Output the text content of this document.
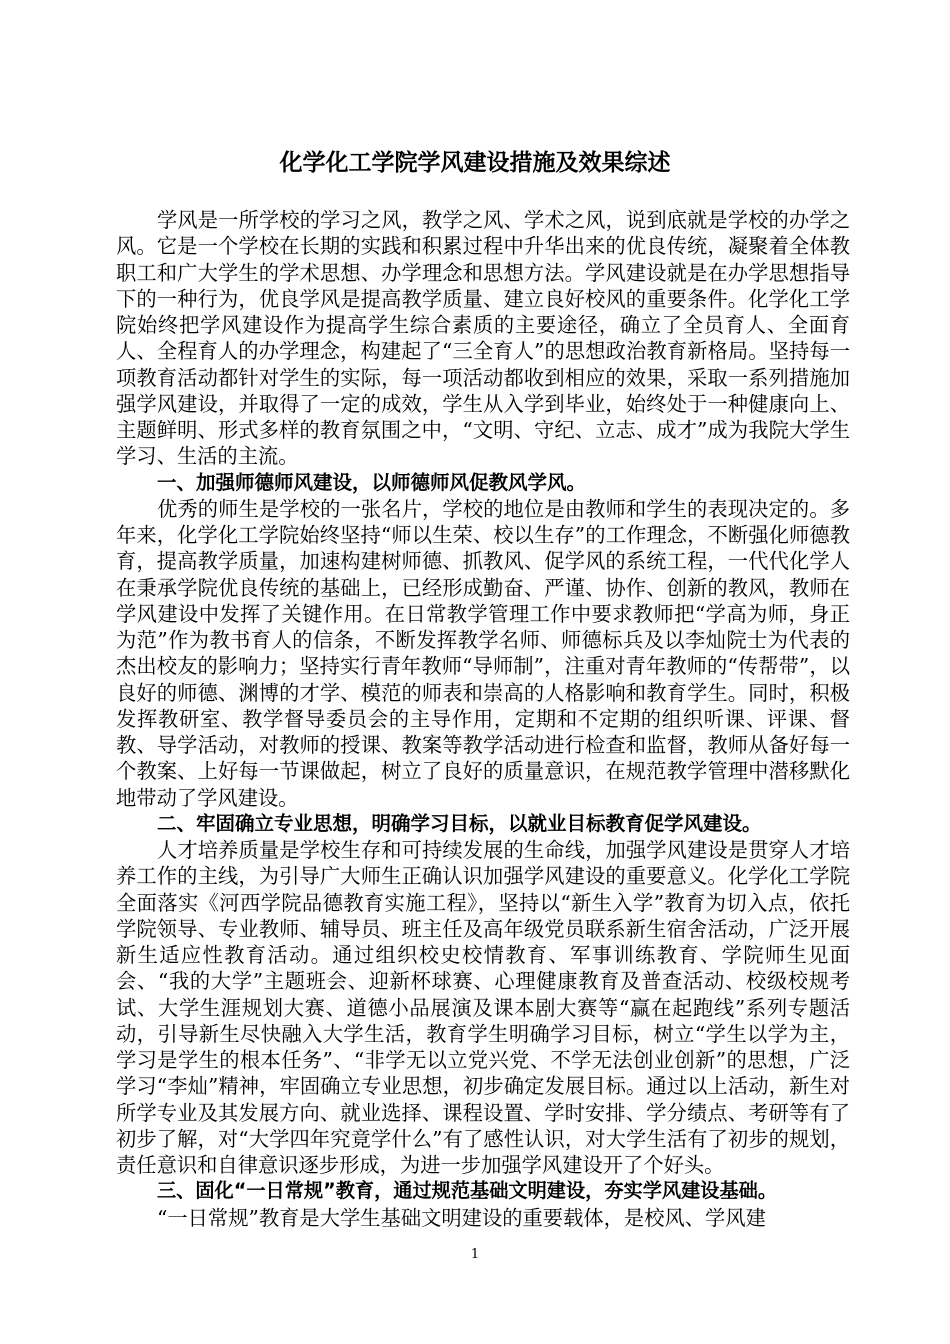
化学化工学院学风建设措施及效果综述

学风是一所学校的学习之风，教学之风、学术之风，说到底就是学校的办学之风。它是一个学校在长期的实践和积累过程中升华出来的优良传统，凝聚着全体教职工和广大学生的学术思想、办学理念和思想方法。学风建设就是在办学思想指导下的一种行为，优良学风是提高教学质量、建立良好校风的重要条件。化学化工学院始终把学风建设作为提高学生综合素质的主要途径，确立了全员育人、全面育人、全程育人的办学理念，构建起了“三全育人”的思想政治教育新格局。坚持每一项教育活动都针对学生的实际，每一项活动都收到相应的效果，采取一系列措施加强学风建设，并取得了一定的成效，学生从入学到毕业，始终处于一种健康向上、主题鲜明、形式多样的教育氛围之中，“文明、守纪、立志、成才”成为我院大学生学习、生活的主流。

一、加强师德师风建设，以师德师风促教风学风。

优秀的师生是学校的一张名片，学校的地位是由教师和学生的表现决定的。多年来，化学化工学院始终坚持“师以生荣、校以生存”的工作理念，不断强化师德教育，提高教学质量，加速构建树师德、抓教风、促学风的系统工程，一代代化学人在秉承学院优良传统的基础上，已经形成勤奋、严谨、协作、创新的教风，教师在学风建设中发挥了关键作用。在日常教学管理工作中要求教师把“学高为师，身正为范”作为教书育人的信条，不断发挥教学名师、师德标兵及以李灿院士为代表的杰出校友的影响力；坚持实行青年教师“导师制”，注重对青年教师的“传帮带”，以良好的师德、渊博的才学、模范的师表和崇高的人格影响和教育学生。同时，积极发挥教研室、教学督导委员会的主导作用，定期和不定期的组织听课、评课、督教、导学活动，对教师的授课、教案等教学活动进行检查和监督，教师从备好每一个教案、上好每一节课做起，树立了良好的质量意识，在规范教学管理中潜移默化地带动了学风建设。

二、牢固确立专业思想，明确学习目标，以就业目标教育促学风建设。

人才培养质量是学校生存和可持续发展的生命线，加强学风建设是贯穿人才培养工作的主线，为引导广大师生正确认识加强学风建设的重要意义。化学化工学院全面落实《河西学院品德教育实施工程》，坚持以“新生入学”教育为切入点，依托学院领导、专业教师、辅导员、班主任及高年级党员联系新生宿舍活动，广泛开展新生适应性教育活动。通过组织校史校情教育、军事训练教育、学院师生见面会、“我的大学”主题班会、迎新杯球赛、心理健康教育及普查活动、校级校规考试、大学生涯规划大赛、道德小品展演及课本剧大赛等“赢在起跑线”系列专题活动，引导新生尽快融入大学生活，教育学生明确学习目标，树立“学生以学为主，学习是学生的根本任务”、“非学无以立党兴党、不学无法创业创新”的思想，广泛学习“李灿”精神，牢固确立专业思想，初步确定发展目标。通过以上活动，新生对所学专业及其发展方向、就业选择、课程设置、学时安排、学分绩点、考研等有了初步了解，对“大学四年究竟学什么”有了感性认识，对大学生活有了初步的规划，责任意识和自律意识逐步形成，为进一步加强学风建设开了个好头。

三、固化“一日常规”教育，通过规范基础文明建设，夯实学风建设基础。

“一日常规”教育是大学生基础文明建设的重要载体，是校风、学风建

1
